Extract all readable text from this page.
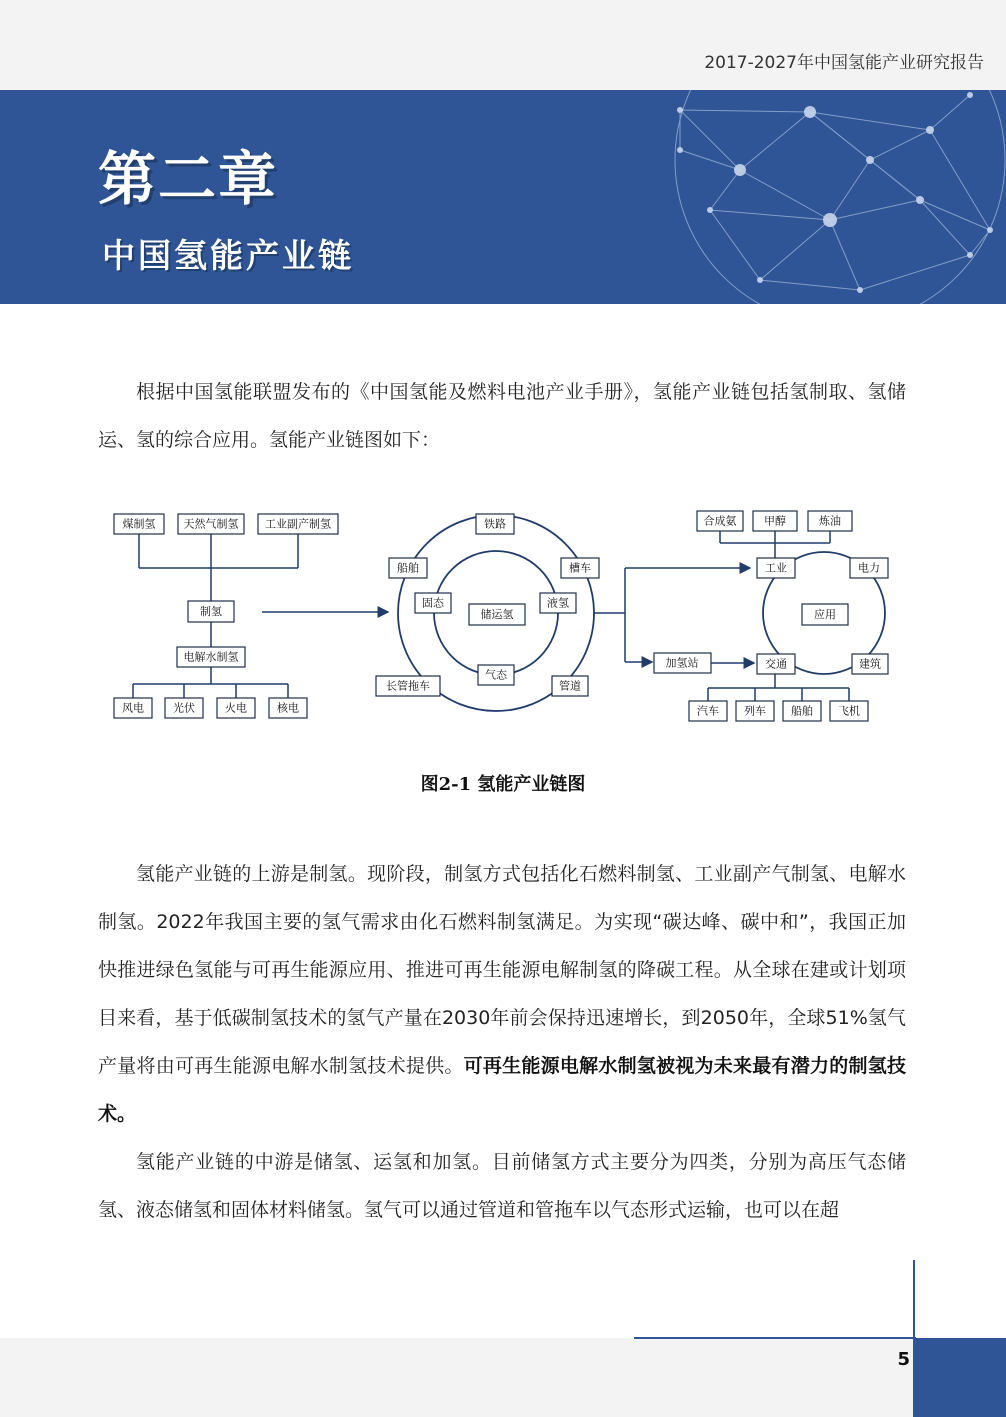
2017-2027年中国氢能产业研究报告
第二章
中国氢能产业链

根据中国氢能联盟发布的《中国氢能及燃料电池产业手册》，氢能产业链包括氢制取、氢储运、氢的综合应用。氢能产业链图如下：

煤制氢	天然气制氢 工业副产制氢
制氢
电解水制氢
风电	光伏	火电	核电
储运氢
固态	液氢
气态
铁路
船舶	槽车
长管拖车	管道
合成氨	甲醇	炼油
工业	电力
应用
建筑
交通
加氢站
汽车 列车 船舶 飞机
图2-1 氢能产业链图

氢能产业链的上游是制氢。现阶段，制氢方式包括化石燃料制氢、工业副产气制氢、电解水制氢。2022年我国主要的氢气需求由化石燃料制氢满足。为实现“碳达峰、碳中和”，我国正加快推进绿色氢能与可再生能源应用、推进可再生能源电解制氢的降碳工程。从全球在建或计划项目来看，基于低碳制氢技术的氢气产量在2030年前会保持迅速增长，到2050年，全球51%氢气产量将由可再生能源电解水制氢技术提供。可再生能源电解水制氢被视为未来最有潜力的制氢技术。

氢能产业链的中游是储氢、运氢和加氢。目前储氢方式主要分为四类，分别为高压气态储氢、液态储氢和固体材料储氢。氢气可以通过管道和管拖车以气态形式运输，也可以在超

5
